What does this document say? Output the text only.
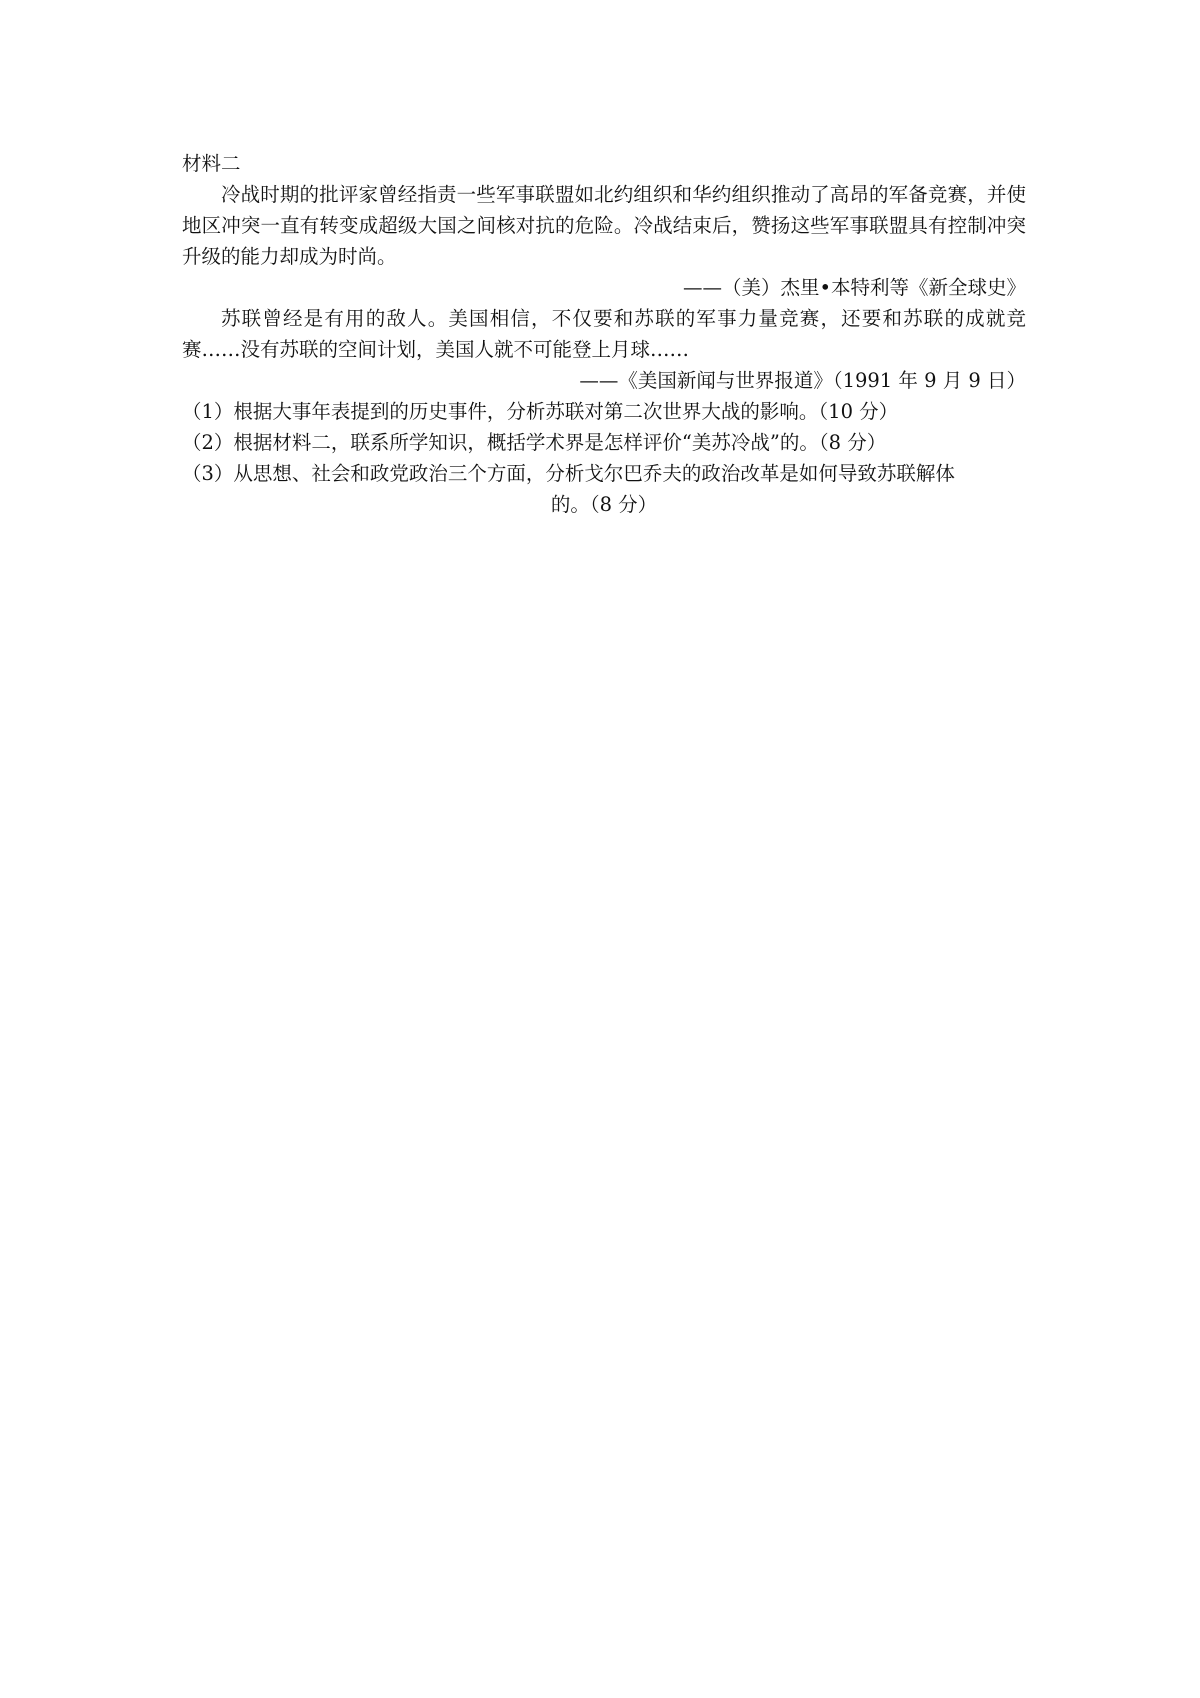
材料二

冷战时期的批评家曾经指责一些军事联盟如北约组织和华约组织推动了高昂的军备竞赛，并使地区冲突一直有转变成超级大国之间核对抗的危险。冷战结束后，赞扬这些军事联盟具有控制冲突升级的能力却成为时尚。

——（美）杰里•本特利等《新全球史》

苏联曾经是有用的敌人。美国相信，不仅要和苏联的军事力量竞赛，还要和苏联的成就竞赛……没有苏联的空间计划，美国人就不可能登上月球……

——《美国新闻与世界报道》（1991 年 9 月 9 日）

（1）根据大事年表提到的历史事件，分析苏联对第二次世界大战的影响。（10 分）

（2）根据材料二，联系所学知识，概括学术界是怎样评价“美苏冷战”的。（8 分）

（3）从思想、社会和政党政治三个方面，分析戈尔巴乔夫的政治改革是如何导致苏联解体

的。（8 分）
